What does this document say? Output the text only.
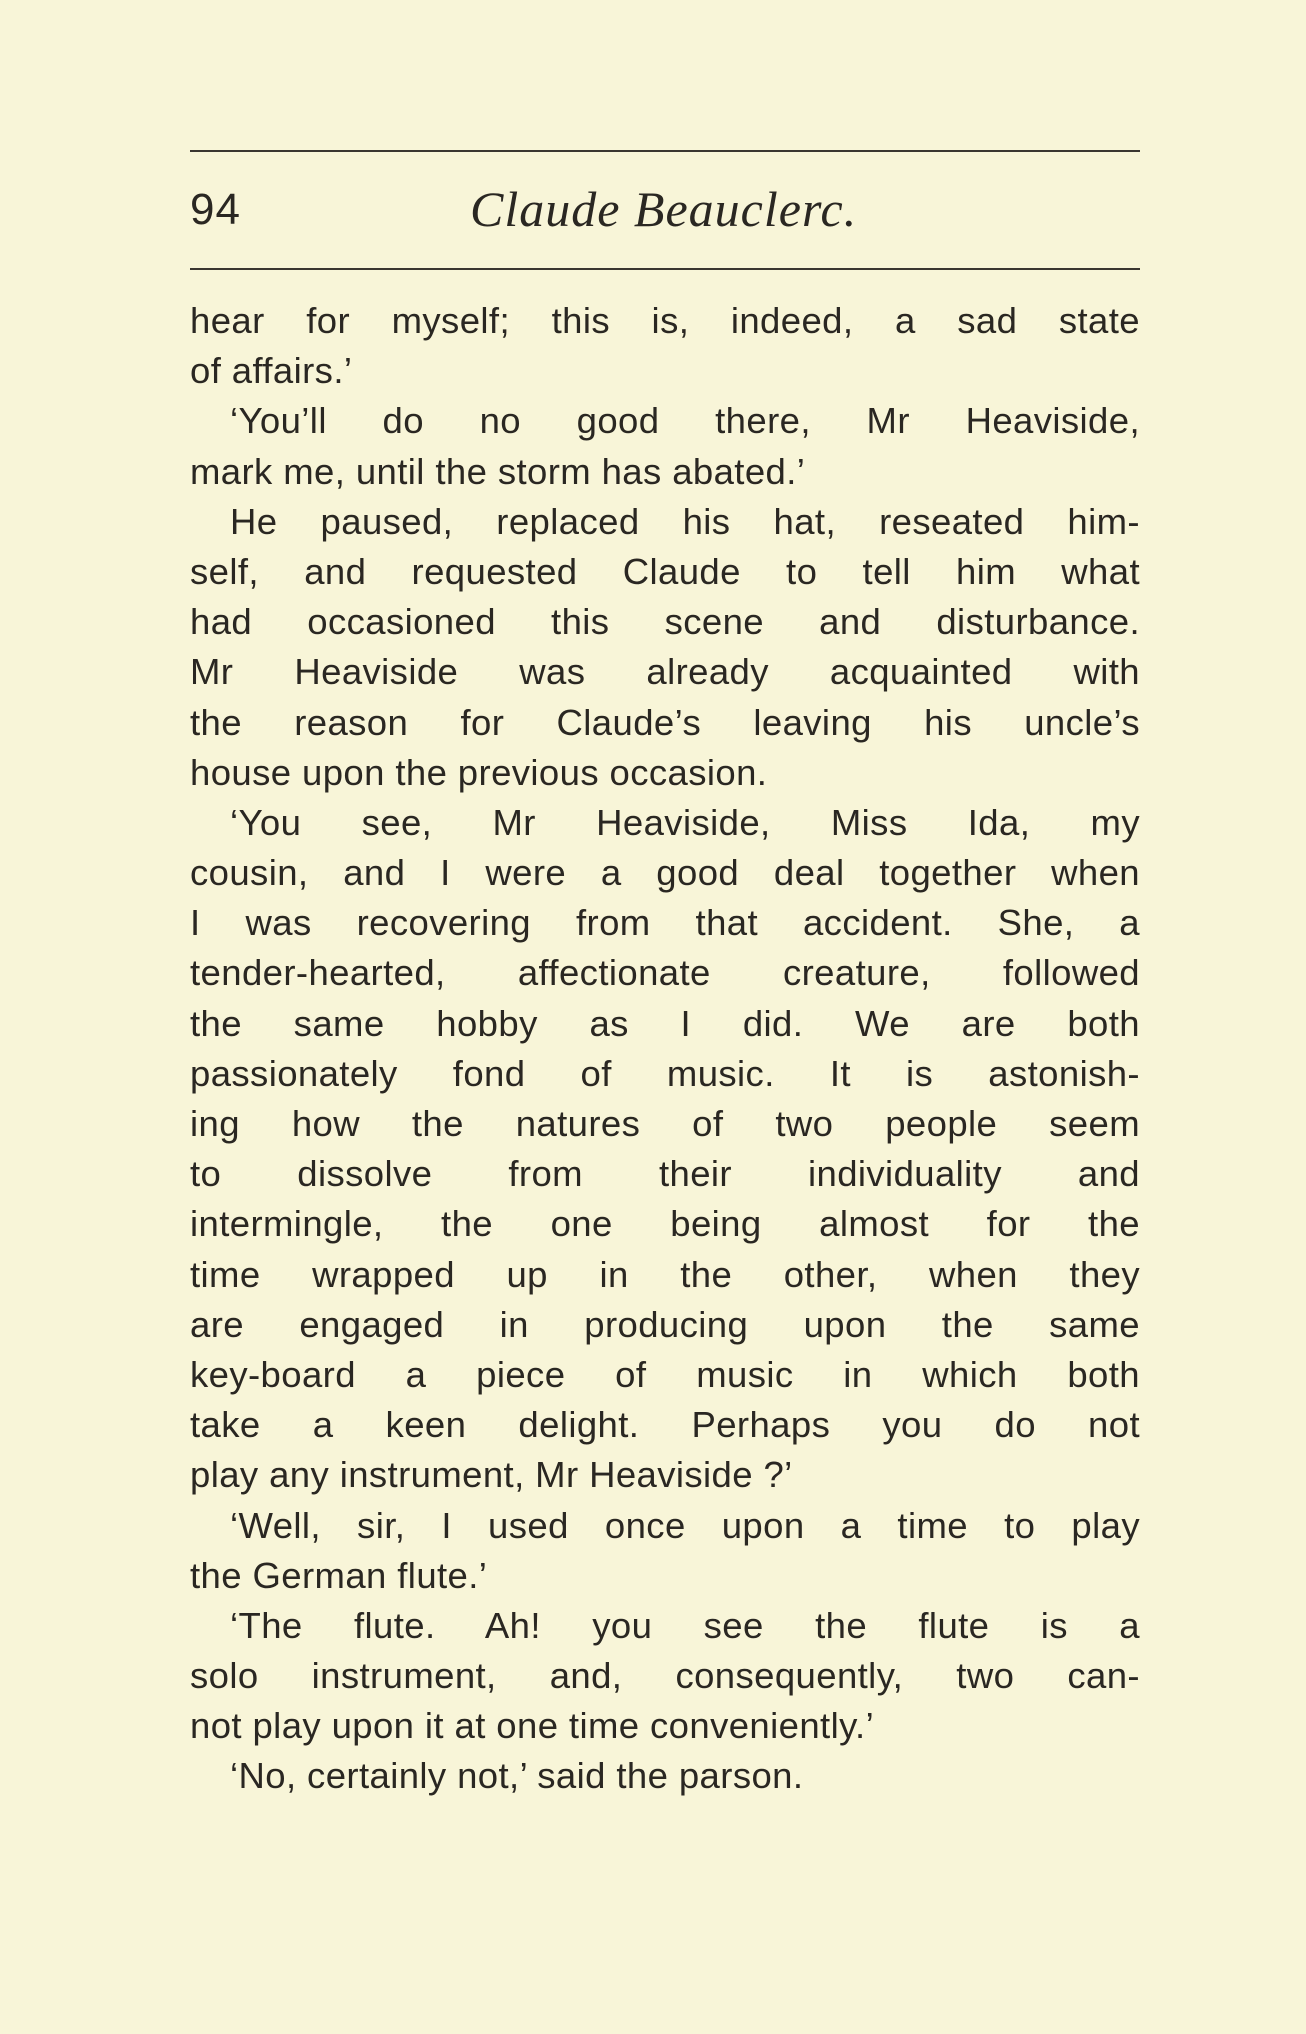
94	Claude Beauclerc.
hear for myself; this is, indeed, a sad state
of affairs.’
‘You’ll do no good there, Mr Heaviside,
mark me, until the storm has abated.’
He paused, replaced his hat, reseated him-
self, and requested Claude to tell him what
had occasioned this scene and disturbance.
Mr Heaviside was already acquainted with
the reason for Claude’s leaving his uncle’s
house upon the previous occasion.
‘You see, Mr Heaviside, Miss Ida, my
cousin, and I were a good deal together when
I was recovering from that accident. She, a
tender-hearted, affectionate creature, followed
the same hobby as I did. We are both
passionately fond of music. It is astonish-
ing how the natures of two people seem
to dissolve from their individuality and
intermingle, the one being almost for the
time wrapped up in the other, when they
are engaged in producing upon the same
key-board a piece of music in which both
take a keen delight. Perhaps you do not
play any instrument, Mr Heaviside ?’
‘Well, sir, I used once upon a time to play
the German flute.’
‘The flute. Ah! you see the flute is a
solo instrument, and, consequently, two can-
not play upon it at one time conveniently.’
‘No, certainly not,’ said the parson.
